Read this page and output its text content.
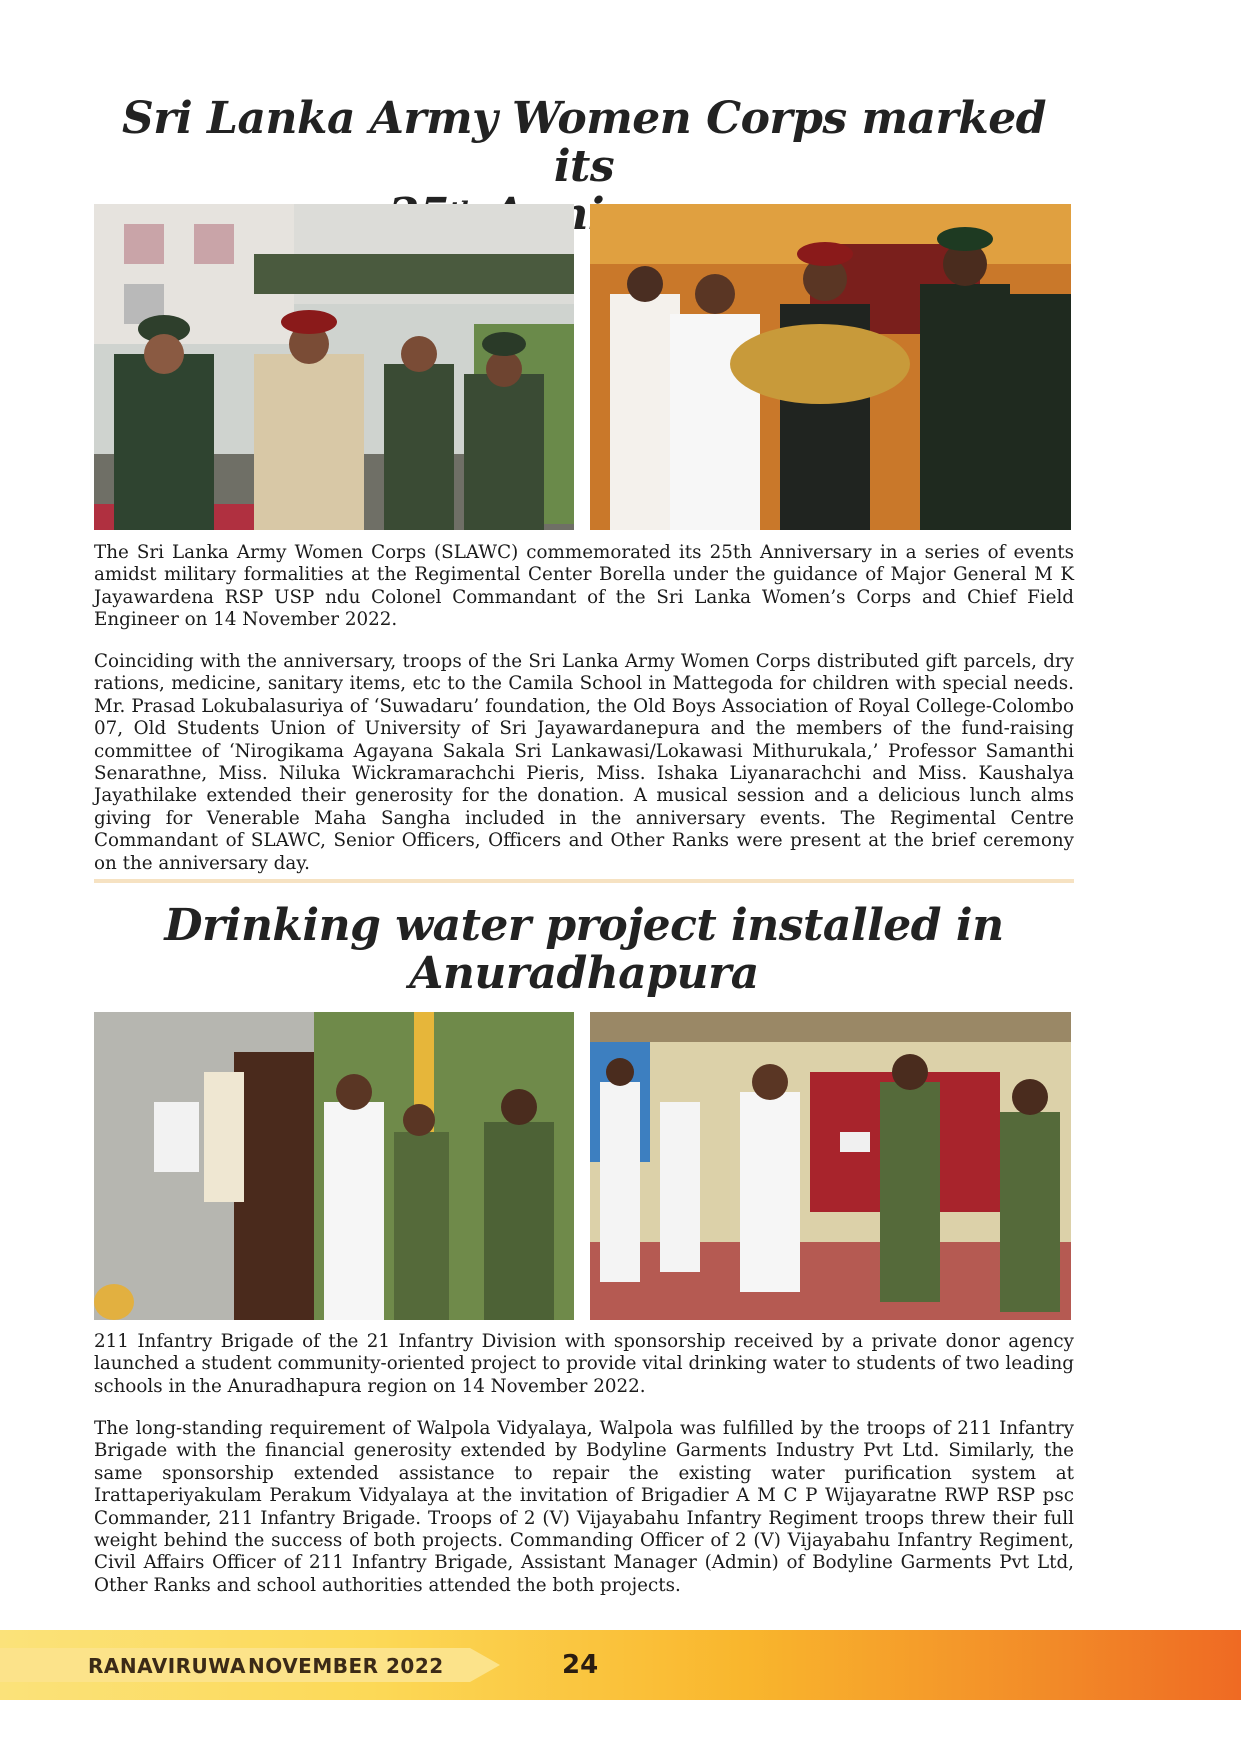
Sri Lanka Army Women Corps marked its

The Sri Lanka Army Women Corps (SLAWC) commemorated its 25th Anniversary in a series of events amidst military formalities at the Regimental Center Borella under the guidance of Major General M K Jayawardena RSP USP ndu Colonel Commandant of the Sri Lanka Women’s Corps and Chief Field Engineer on 14 November 2022.

Coinciding with the anniversary, troops of the Sri Lanka Army Women Corps distributed gift parcels, dry rations, medicine, sanitary items, etc to the Camila School in Mattegoda for children with special needs. Mr. Prasad Lokubalasuriya of ‘Suwadaru’ foundation, the Old Boys Association of Royal College-Colombo 07, Old Students Union of University of Sri Jayawardanepura and the members of the fund-raising committee of ‘Nirogikama Agayana Sakala Sri Lankawasi/Lokawasi Mithurukala,’ Professor Samanthi Senarathne, Miss. Niluka Wickramarachchi Pieris, Miss. Ishaka Liyanarachchi and Miss. Kaushalya Jayathilake extended their generosity for the donation. A musical session and a delicious lunch alms giving for Venerable Maha Sangha included in the anniversary events. The Regimental Centre Commandant of SLAWC, Senior Officers, Officers and Other Ranks were present at the brief ceremony on the anniversary day.

Drinking water project installed in
Anuradhapura

211 Infantry Brigade of the 21 Infantry Division with sponsorship received by a private donor agency launched a student community-oriented project to provide vital drinking water to students of two leading schools in the Anuradhapura region on 14 November 2022.

The long-standing requirement of Walpola Vidyalaya, Walpola was fulfilled by the troops of 211 Infantry Brigade with the financial generosity extended by Bodyline Garments Industry Pvt Ltd. Similarly, the same sponsorship extended assistance to repair the existing water purification system at Irattaperiyakulam Perakum Vidyalaya at the invitation of Brigadier A M C P Wijayaratne RWP RSP psc Commander, 211 Infantry Brigade. Troops of 2 (V) Vijayabahu Infantry Regiment troops threw their full weight behind the success of both projects. Commanding Officer of 2 (V) Vijayabahu Infantry Regiment, Civil Affairs Officer of 211 Infantry Brigade, Assistant Manager (Admin) of Bodyline Garments Pvt Ltd, Other Ranks and school authorities attended the both projects.

RANAVIRUWA NOVEMBER 2022	24
